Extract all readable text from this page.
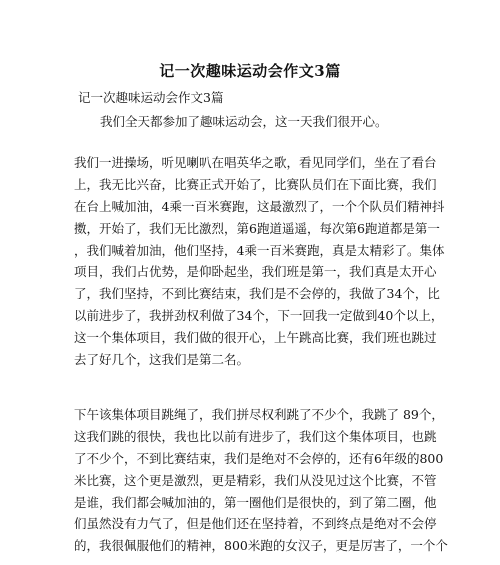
记一次趣味运动会作文3篇
记一次趣味运动会作文3篇
我们全天都参加了趣味运动会，这一天我们很开心。
我们一进操场，听见喇叭在唱英华之歌，看见同学们，坐在了看台
上，我无比兴奋，比赛正式开始了，比赛队员们在下面比赛，我们
在台上喊加油，4乘一百米赛跑，这最激烈了，一个个队员们精神抖
擞，开始了，我们无比激烈，第6跑道遥遥，每次第6跑道都是第一
，我们喊着加油，他们坚持，4乘一百米赛跑，真是太精彩了。集体
项目，我们占优势，是仰卧起坐，我们班是第一，我们真是太开心
了，我们坚持，不到比赛结束，我们是不会停的，我做了34个，比
以前进步了，我拼劲权利做了34个，下一回我一定做到40个以上，
这一个集体项目，我们做的很开心，上午跳高比赛，我们班也跳过
去了好几个，这我们是第二名。
下午该集体项目跳绳了，我们拼尽权利跳了不少个，我跳了 89个，
这我们跳的很快，我也比以前有进步了，我们这个集体项目，也跳
了不少个，不到比赛结束，我们是绝对不会停的，还有6年级的800
米比赛，这个更是激烈，更是精彩，我们从没见过这个比赛，不管
是谁，我们都会喊加油的，第一圈他们是很快的，到了第二圈，他
们虽然没有力气了，但是他们还在坚持着，不到终点是绝对不会停
的，我很佩服他们的精神，800米跑的女汉子，更是厉害了，一个个
